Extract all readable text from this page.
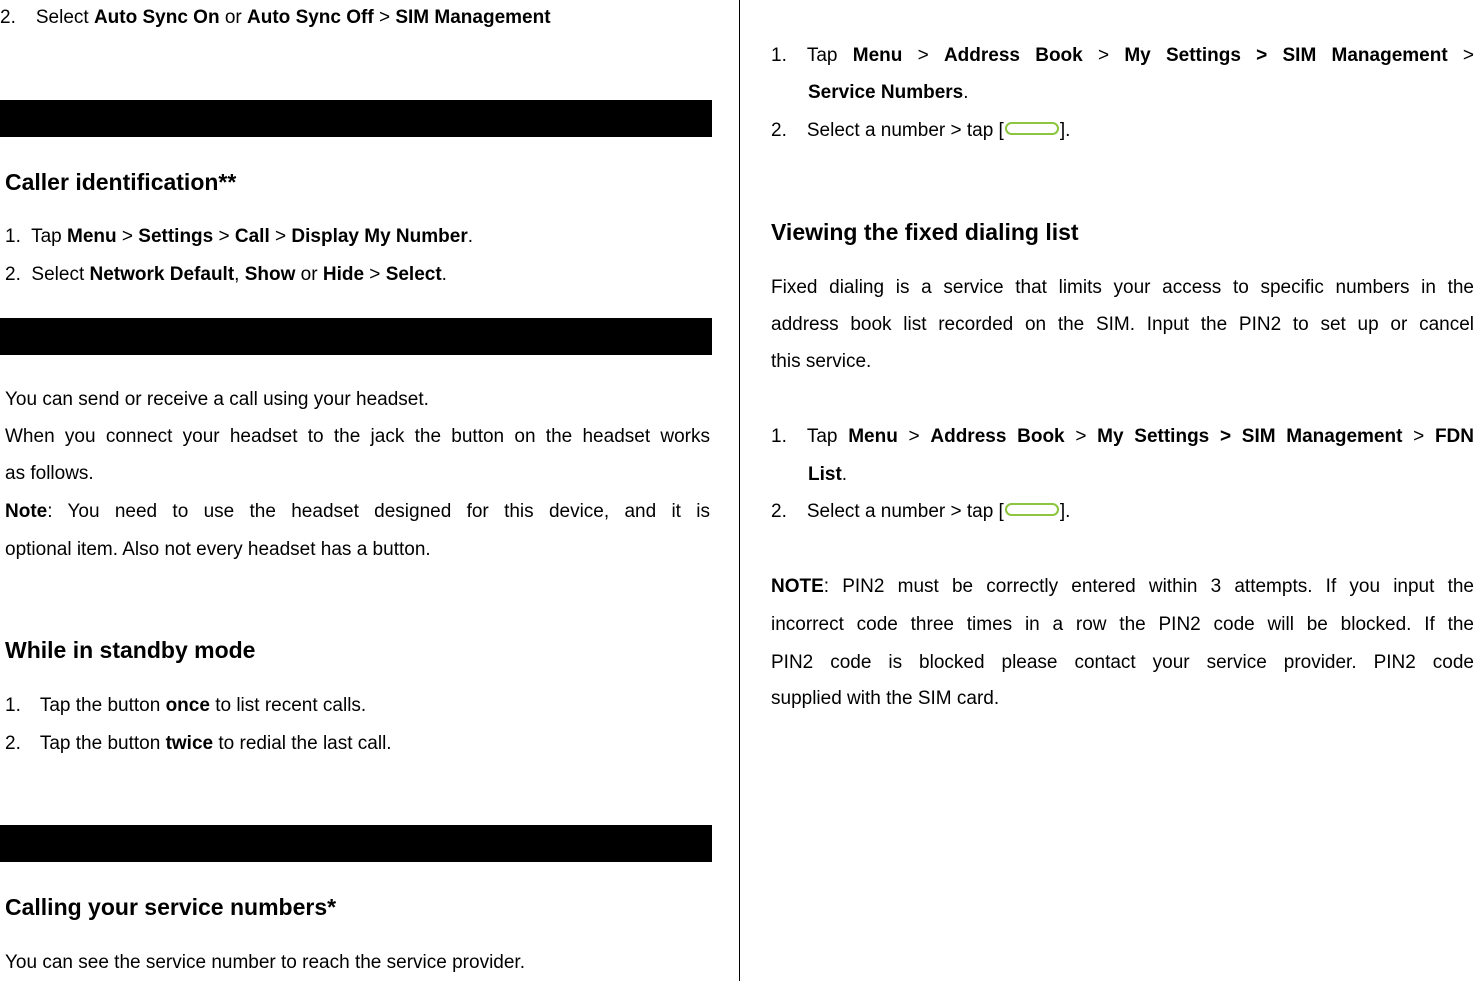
2. Select Auto Sync On or Auto Sync Off > SIM Management
Caller identification**
1. Tap Menu > Settings > Call > Display My Number.
2. Select Network Default, Show or Hide > Select.
You can send or receive a call using your headset.
When you connect your headset to the jack the button on the headset works
as follows.
Note: You need to use the headset designed for this device, and it is
optional item. Also not every headset has a button.
While in standby mode
1. Tap the button once to list recent calls.
2. Tap the button twice to redial the last call.
Calling your service numbers*
You can see the service number to reach the service provider.
1. Tap Menu > Address Book > My Settings > SIM Management >
Service Numbers.
2. Select a number > tap [	].
Viewing the fixed dialing list
Fixed dialing is a service that limits your access to specific numbers in the
address book list recorded on the SIM. Input the PIN2 to set up or cancel
this service.
1. Tap Menu > Address Book > My Settings > SIM Management > FDN
List.
2. Select a number > tap [	].
NOTE: PIN2 must be correctly entered within 3 attempts. If you input the
incorrect code three times in a row the PIN2 code will be blocked. If the
PIN2 code is blocked please contact your service provider. PIN2 code
supplied with the SIM card.
